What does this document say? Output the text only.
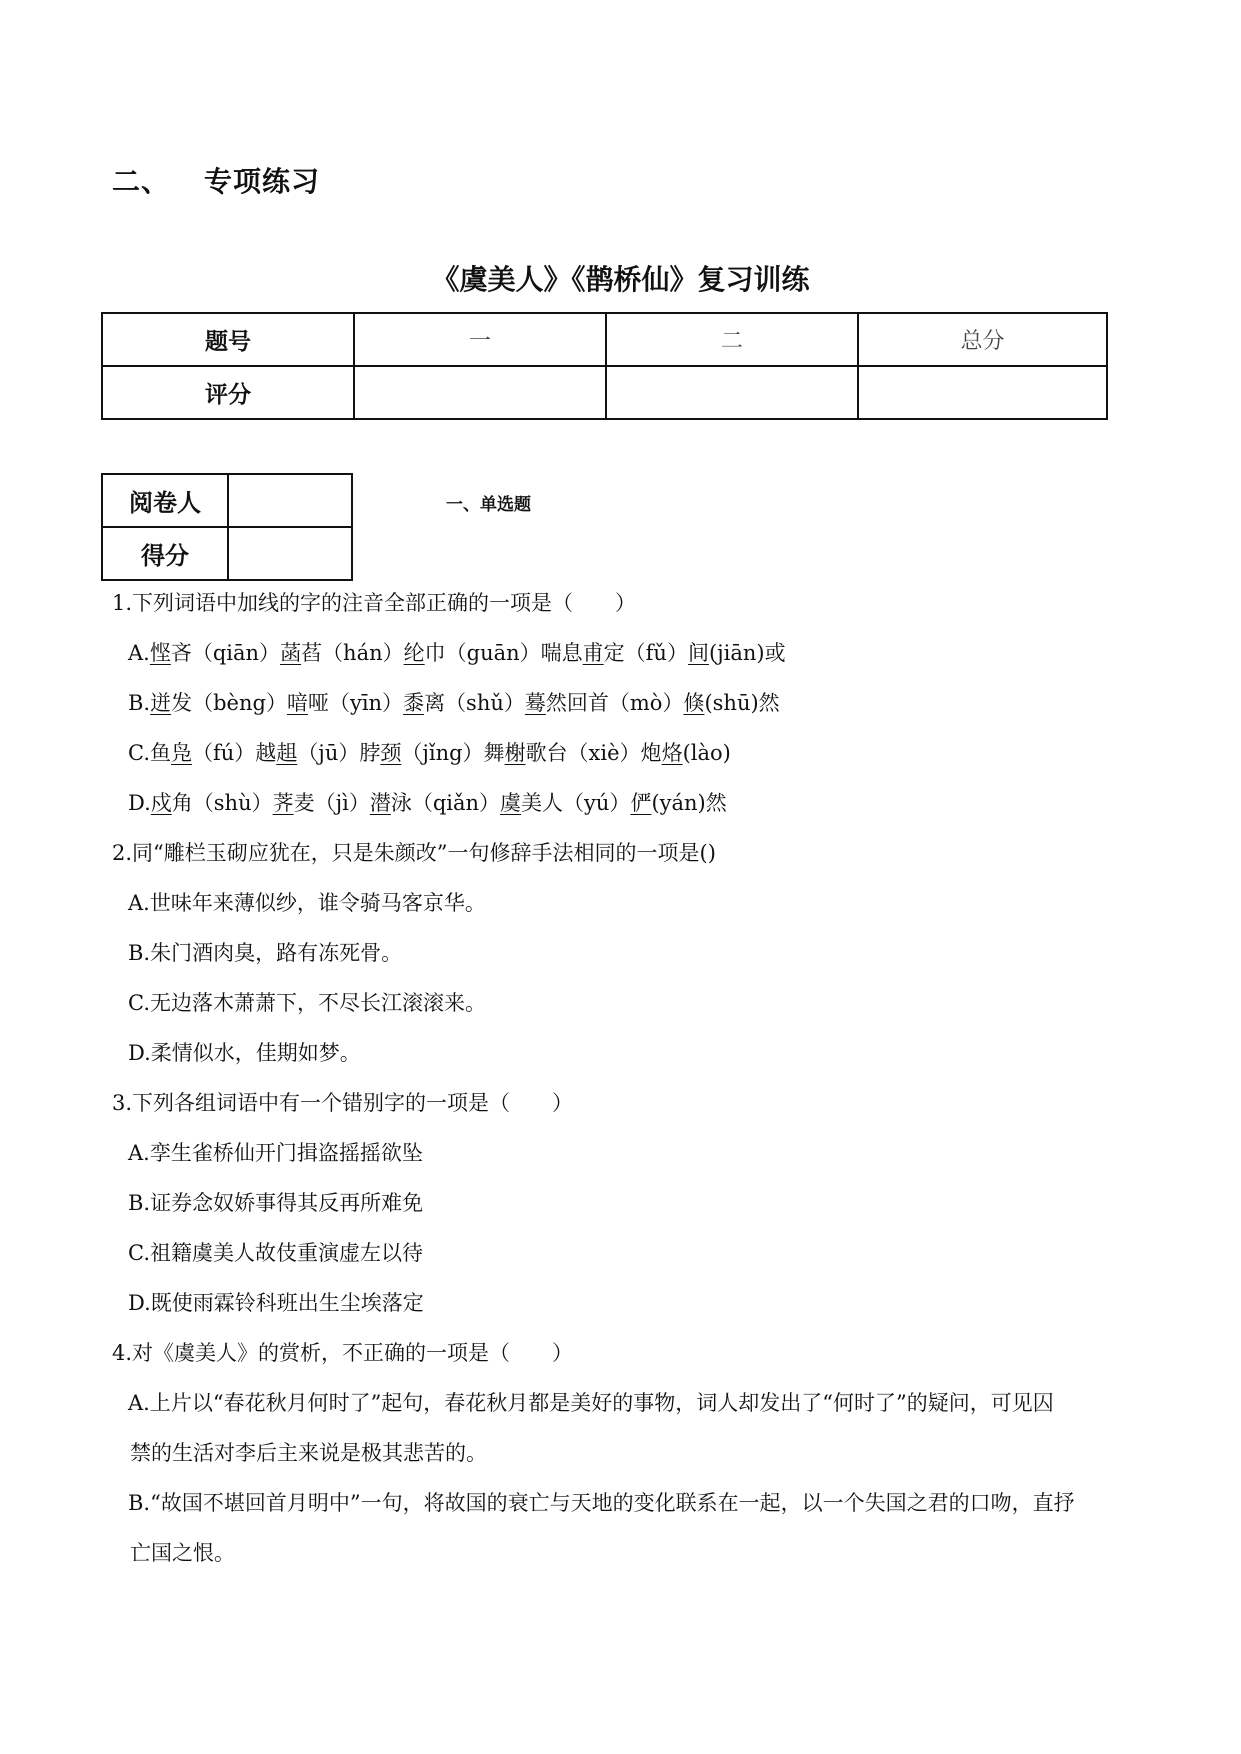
二、 专项练习
《虞美人》《鹊桥仙》复习训练
题号	一	二	总分
评分			
阅卷人	
得分	
一、单选题
1.下列词语中加线的字的注音全部正确的一项是（　　）
A.悭吝（qiān）菡萏（hán）纶巾（guān）喘息甫定（fǔ）间(jiān)或
B.迸发（bèng）喑哑（yīn）黍离（shǔ）蓦然回首（mò）倏(shū)然
C.鱼凫（fú）越趄（jū）脖颈（jǐng）舞榭歌台（xiè）炮烙(lào)
D.戍角（shù）荠麦（jì）潜泳（qiǎn）虞美人（yú）俨(yán)然
2.同“雕栏玉砌应犹在，只是朱颜改”一句修辞手法相同的一项是()
A.世味年来薄似纱，谁令骑马客京华。
B.朱门酒肉臭，路有冻死骨。
C.无边落木萧萧下，不尽长江滚滚来。
D.柔情似水，佳期如梦。
3.下列各组词语中有一个错别字的一项是（　　）
A.孪生雀桥仙开门揖盗摇摇欲坠
B.证券念奴娇事得其反再所难免
C.祖籍虞美人故伎重演虚左以待
D.既使雨霖铃科班出生尘埃落定
4.对《虞美人》的赏析，不正确的一项是（　　）
A.上片以“春花秋月何时了”起句，春花秋月都是美好的事物，词人却发出了“何时了”的疑问，可见囚
禁的生活对李后主来说是极其悲苦的。
B.“故国不堪回首月明中”一句，将故国的衰亡与天地的变化联系在一起，以一个失国之君的口吻，直抒
亡国之恨。
